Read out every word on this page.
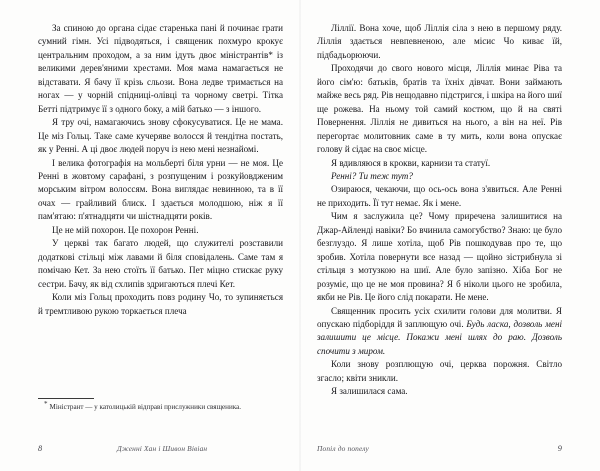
За спиною до органа сідає старенька пані й починає грати сумний гімн. Усі підводяться, і священик похмуро крокує центральним проходом, а за ним ідуть двоє міністрантів* із великими дерев'яними хрестами. Моя мама намагається не відставати. Я бачу її крізь сльози. Вона ледве тримається на ногах — у чорній спідниці-олівці та чорному светрі. Тітка Бетті підтримує її з одного боку, а мій батько — з іншого.

Я тру очі, намагаючись знову сфокусуватися. Це не мама. Це міз Гольц. Таке саме кучеряве волосся й тендітна постать, як у Ренні. А ці двоє людей поруч із нею мені незнайомі.

І велика фотографія на мольберті біля урни — не моя. Це Ренні в жовтому сарафані, з розпущеним і розкуйовдженим морським вітром волоссям. Вона виглядає невинною, та в її очах — грайливий блиск. І здається молодшою, ніж я її пам'ятаю: п'ятнадцяти чи шістнадцяти років.

Це не мій похорон. Це похорон Ренні.

У церкві так багато людей, що служителі розставили додаткові стільці між лавами й біля сповідалень. Саме там я помічаю Кет. За нею стоїть її батько. Пет міцно стискає руку сестри. Бачу, як від схлипів здригаються плечі Кет.

Коли міз Гольц проходить повз родину Чо, то зупиняється й тремтливою рукою торкається плеча

* Міністрант — у католицькій відправі прислужники священика.
8	Дженні Хан і Шивон Вівіан

Ліллії. Вона хоче, щоб Ліллія сіла з нею в першому ряду. Ліллія здається невпевненою, але місис Чо киває їй, підбадьорюючи.

Проходячи до свого нового місця, Ліллія минає Ріва та його сім'ю: батьків, братів та їхніх дівчат. Вони займають майже весь ряд. Рів нещодавно підстригся, і шкіра на його шиї ще рожева. На ньому той самий костюм, що й на святі Повернення. Ліллія не дивиться на нього, а він на неї. Рів перегортає молитовник саме в ту мить, коли вона опускає голову й сідає на своє місце.

Я вдивляюся в крокви, карнизи та статуї.

Ренні? Ти теж тут?

Озираюся, чекаючи, що ось-ось вона з'явиться. Але Ренні не приходить. Її тут немає. Як і мене.

Чим я заслужила це? Чому приречена залишитися на Джар-Айленді навіки? Бо вчинила самогубство? Знаю: це було безглуздо. Я лише хотіла, щоб Рів пошкодував про те, що зробив. Хотіла повернути все назад — щойно зістрибнула зі стільця з мотузкою на шиї. Але було запізно. Хіба Бог не розуміє, що це не моя провина? Я б ніколи цього не зробила, якби не Рів. Це його слід покарати. Не мене.

Священник просить усіх схилити голови для молитви. Я опускаю підборіддя й заплющую очі. Будь ласка, дозволь мені залишити це місце. Покажи мені шлях до раю. Дозволь спочити з миром.

Коли знову розплющую очі, церква порожня. Світло згасло; квіти зникли.

Я залишилася сама.

Попіл до попелу	9
